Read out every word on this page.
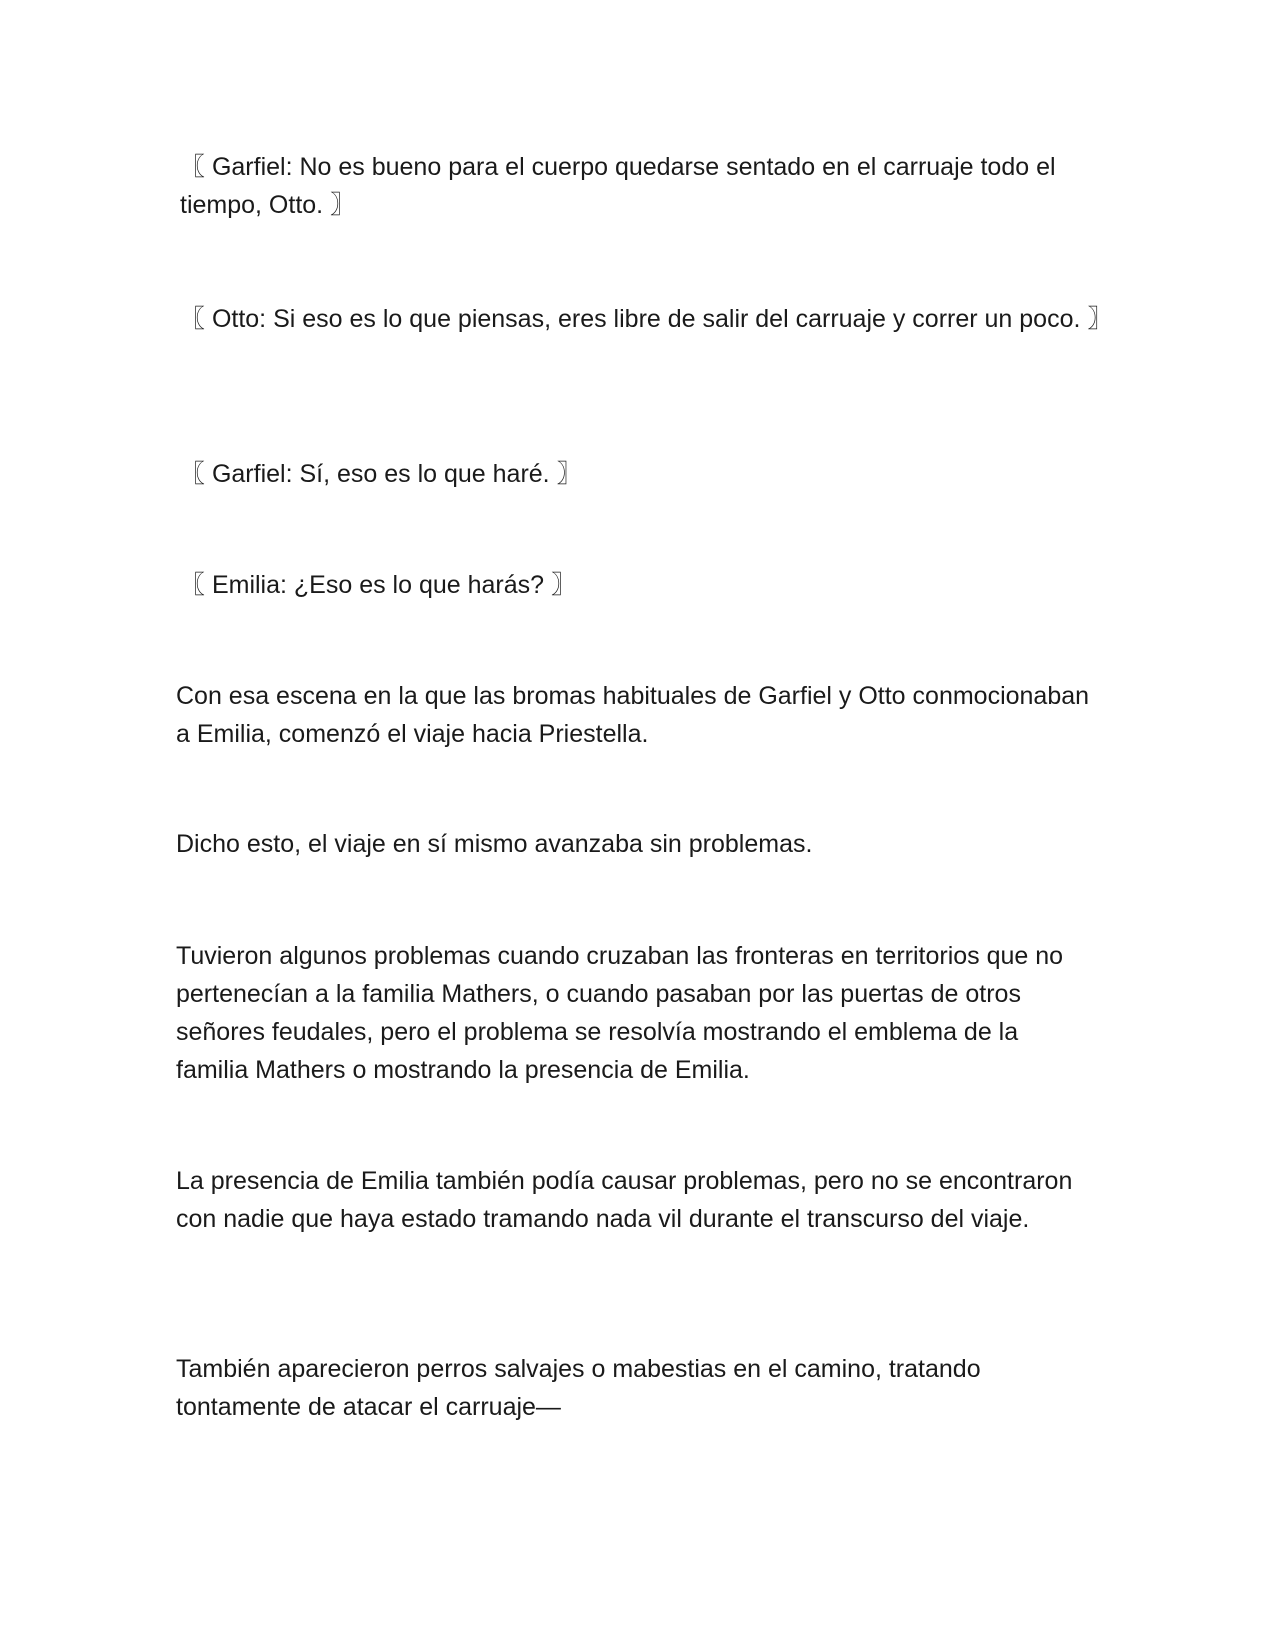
〖 Garfiel: No es bueno para el cuerpo quedarse sentado en el carruaje todo el tiempo, Otto. 〗

〖 Otto: Si eso es lo que piensas, eres libre de salir del carruaje y correr un poco. 〗

〖 Garfiel: Sí, eso es lo que haré. 〗

〖 Emilia: ¿Eso es lo que harás? 〗

Con esa escena en la que las bromas habituales de Garfiel y Otto conmocionaban a Emilia, comenzó el viaje hacia Priestella.

Dicho esto, el viaje en sí mismo avanzaba sin problemas.

Tuvieron algunos problemas cuando cruzaban las fronteras en territorios que no pertenecían a la familia Mathers, o cuando pasaban por las puertas de otros señores feudales, pero el problema se resolvía mostrando el emblema de la familia Mathers o mostrando la presencia de Emilia.

La presencia de Emilia también podía causar problemas, pero no se encontraron con nadie que haya estado tramando nada vil durante el transcurso del viaje.

También aparecieron perros salvajes o mabestias en el camino, tratando tontamente de atacar el carruaje—
